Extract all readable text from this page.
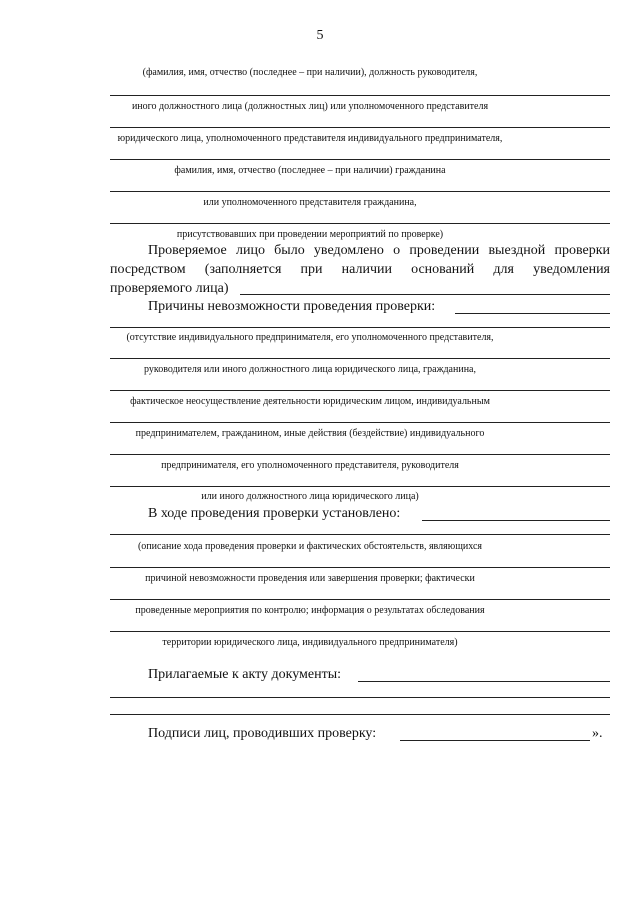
5
(фамилия, имя, отчество (последнее – при наличии), должность руководителя,
иного должностного лица (должностных лиц) или уполномоченного представителя
юридического лица, уполномоченного представителя индивидуального предпринимателя,
фамилия, имя, отчество (последнее – при наличии) гражданина
или уполномоченного представителя гражданина,
присутствовавших при проведении мероприятий по проверке)
Проверяемое лицо было уведомлено о проведении выездной проверки
посредством (заполняется при наличии оснований для уведомления
проверяемого лица)
Причины невозможности проведения проверки:
(отсутствие индивидуального предпринимателя, его уполномоченного представителя,
руководителя или иного должностного лица юридического лица, гражданина,
фактическое неосуществление деятельности юридическим лицом, индивидуальным
предпринимателем, гражданином, иные действия (бездействие) индивидуального
предпринимателя, его уполномоченного представителя, руководителя
или иного должностного лица юридического лица)
В ходе проведения проверки установлено:
(описание хода проведения проверки и фактических обстоятельств, являющихся
причиной невозможности проведения или завершения проверки; фактически
проведенные мероприятия по контролю; информация о результатах обследования
территории юридического лица, индивидуального предпринимателя)
Прилагаемые к акту документы:
Подписи лиц, проводивших проверку:	».
